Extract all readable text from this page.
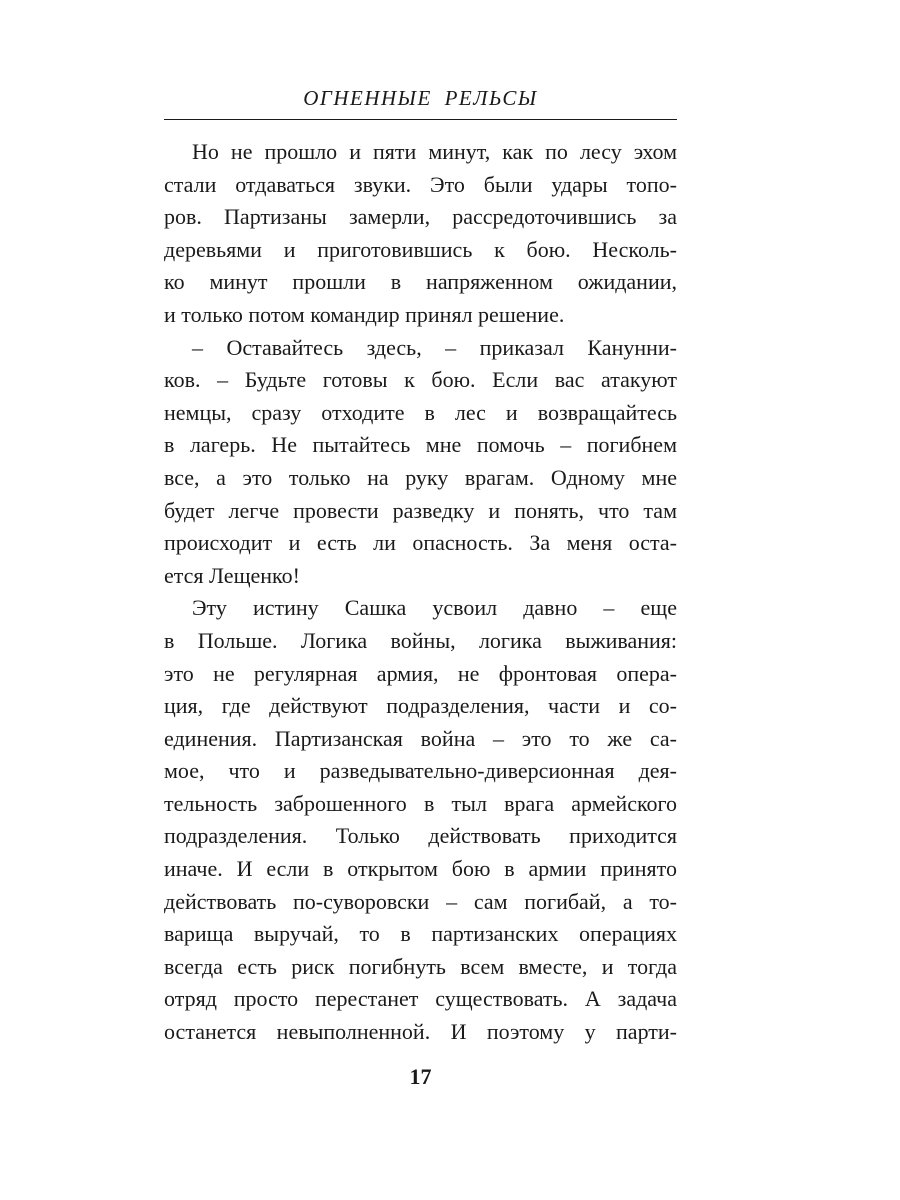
ОГНЕННЫЕ РЕЛЬСЫ
Но не прошло и пяти минут, как по лесу эхом
стали отдаваться звуки. Это были удары топо-
ров. Партизаны замерли, рассредоточившись за
деревьями и приготовившись к бою. Несколь-
ко минут прошли в напряженном ожидании,
и только потом командир принял решение.
– Оставайтесь здесь, – приказал Канунни-
ков. – Будьте готовы к бою. Если вас атакуют
немцы, сразу отходите в лес и возвращайтесь
в лагерь. Не пытайтесь мне помочь – погибнем
все, а это только на руку врагам. Одному мне
будет легче провести разведку и понять, что там
происходит и есть ли опасность. За меня оста-
ется Лещенко!
Эту истину Сашка усвоил давно – еще
в Польше. Логика войны, логика выживания:
это не регулярная армия, не фронтовая опера-
ция, где действуют подразделения, части и со-
единения. Партизанская война – это то же са-
мое, что и разведывательно-диверсионная дея-
тельность заброшенного в тыл врага армейского
подразделения. Только действовать приходится
иначе. И если в открытом бою в армии принято
действовать по-суворовски – сам погибай, а то-
варища выручай, то в партизанских операциях
всегда есть риск погибнуть всем вместе, и тогда
отряд просто перестанет существовать. А задача
останется невыполненной. И поэтому у парти-
17
